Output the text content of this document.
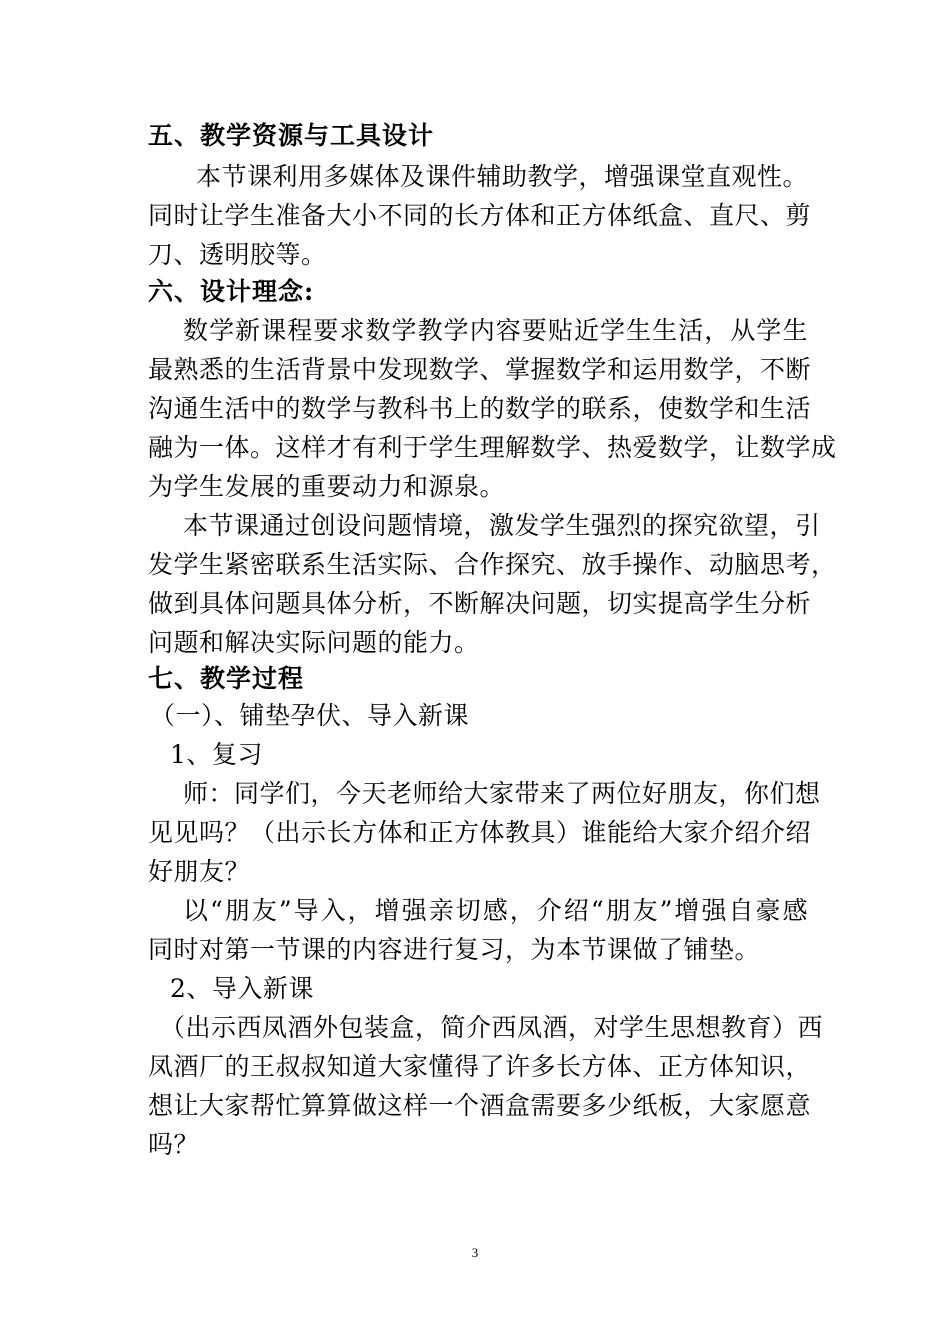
五、教学资源与工具设计
本节课利用多媒体及课件辅助教学，增强课堂直观性。
同时让学生准备大小不同的长方体和正方体纸盒、直尺、剪
刀、透明胶等。
六、设计理念:
数学新课程要求数学教学内容要贴近学生生活，从学生
最熟悉的生活背景中发现数学、掌握数学和运用数学，不断
沟通生活中的数学与教科书上的数学的联系，使数学和生活
融为一体。这样才有利于学生理解数学、热爱数学，让数学成
为学生发展的重要动力和源泉。
本节课通过创设问题情境，激发学生强烈的探究欲望，引
发学生紧密联系生活实际、合作探究、放手操作、动脑思考，
做到具体问题具体分析，不断解决问题，切实提高学生分析
问题和解决实际问题的能力。
七、教学过程
（一）、铺垫孕伏、导入新课
1、复习
师：同学们，今天老师给大家带来了两位好朋友，你们想
见见吗？（出示长方体和正方体教具）谁能给大家介绍介绍
好朋友？
以“朋友”导入，增强亲切感，介绍“朋友”增强自豪感
同时对第一节课的内容进行复习，为本节课做了铺垫。
2、导入新课
（出示西凤酒外包装盒，简介西凤酒，对学生思想教育）西
凤酒厂的王叔叔知道大家懂得了许多长方体、正方体知识，
想让大家帮忙算算做这样一个酒盒需要多少纸板，大家愿意
吗？
3
